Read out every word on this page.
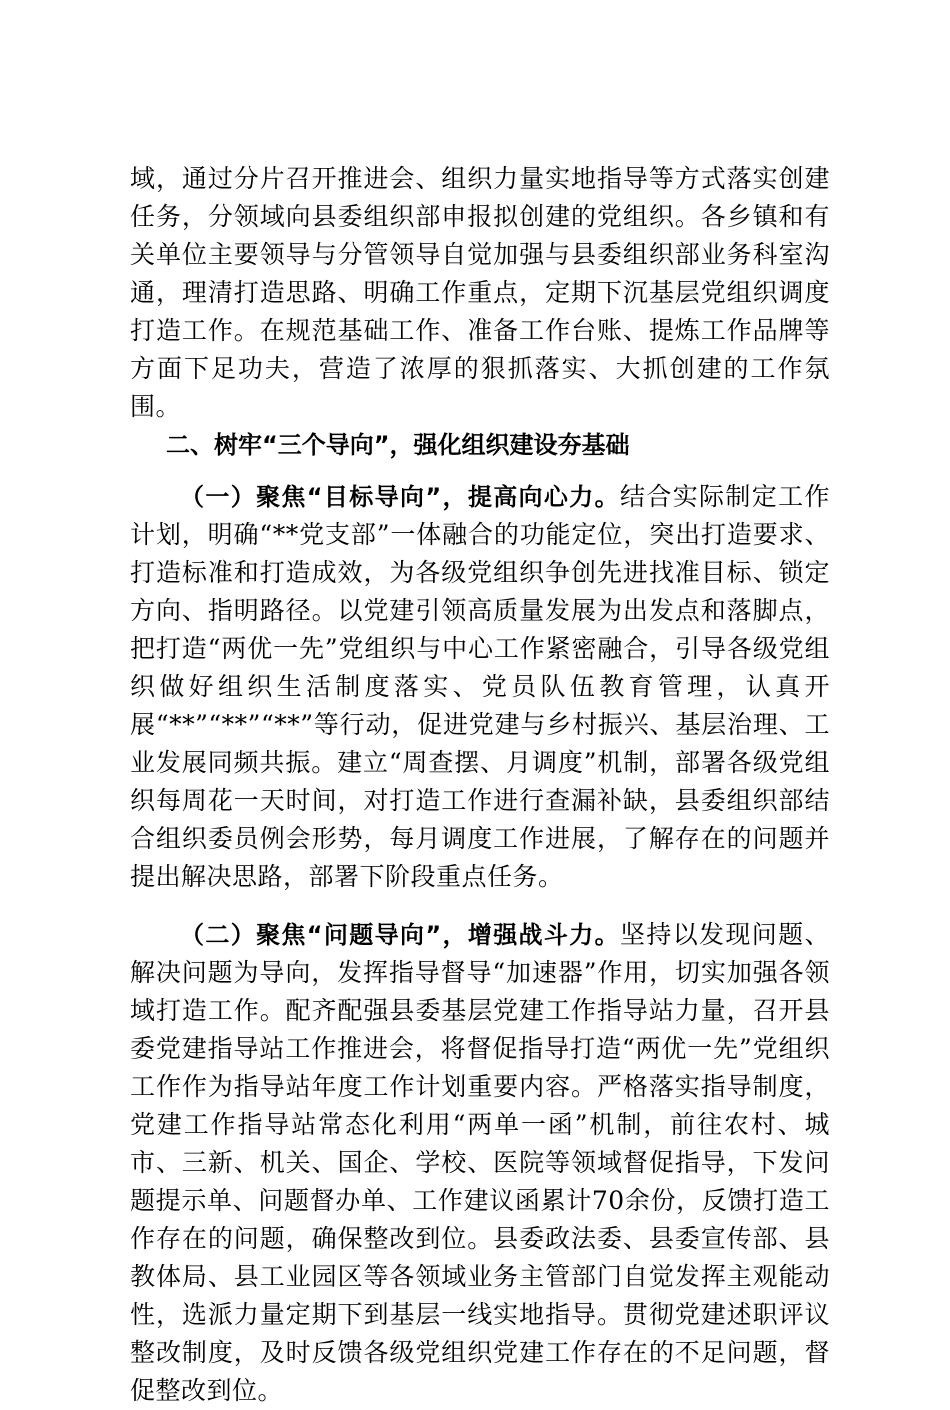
域，通过分片召开推进会、组织力量实地指导等方式落实创建任务，分领域向县委组织部申报拟创建的党组织。各乡镇和有关单位主要领导与分管领导自觉加强与县委组织部业务科室沟通，理清打造思路、明确工作重点，定期下沉基层党组织调度打造工作。在规范基础工作、准备工作台账、提炼工作品牌等方面下足功夫，营造了浓厚的狠抓落实、大抓创建的工作氛围。

二、树牢“三个导向”，强化组织建设夯基础

（一）聚焦“目标导向”，提高向心力。结合实际制定工作计划，明确“**党支部”一体融合的功能定位，突出打造要求、打造标准和打造成效，为各级党组织争创先进找准目标、锁定方向、指明路径。以党建引领高质量发展为出发点和落脚点，把打造“两优一先”党组织与中心工作紧密融合，引导各级党组织做好组织生活制度落实、党员队伍教育管理，认真开展“**”“**”“**”等行动，促进党建与乡村振兴、基层治理、工业发展同频共振。建立“周查摆、月调度”机制，部署各级党组织每周花一天时间，对打造工作进行查漏补缺，县委组织部结合组织委员例会形势，每月调度工作进展，了解存在的问题并提出解决思路，部署下阶段重点任务。

（二）聚焦“问题导向”，增强战斗力。坚持以发现问题、解决问题为导向，发挥指导督导“加速器”作用，切实加强各领域打造工作。配齐配强县委基层党建工作指导站力量，召开县委党建指导站工作推进会，将督促指导打造“两优一先”党组织工作作为指导站年度工作计划重要内容。严格落实指导制度，党建工作指导站常态化利用“两单一函”机制，前往农村、城市、三新、机关、国企、学校、医院等领域督促指导，下发问题提示单、问题督办单、工作建议函累计70余份，反馈打造工作存在的问题，确保整改到位。县委政法委、县委宣传部、县教体局、县工业园区等各领域业务主管部门自觉发挥主观能动性，选派力量定期下到基层一线实地指导。贯彻党建述职评议整改制度，及时反馈各级党组织党建工作存在的不足问题，督促整改到位。
